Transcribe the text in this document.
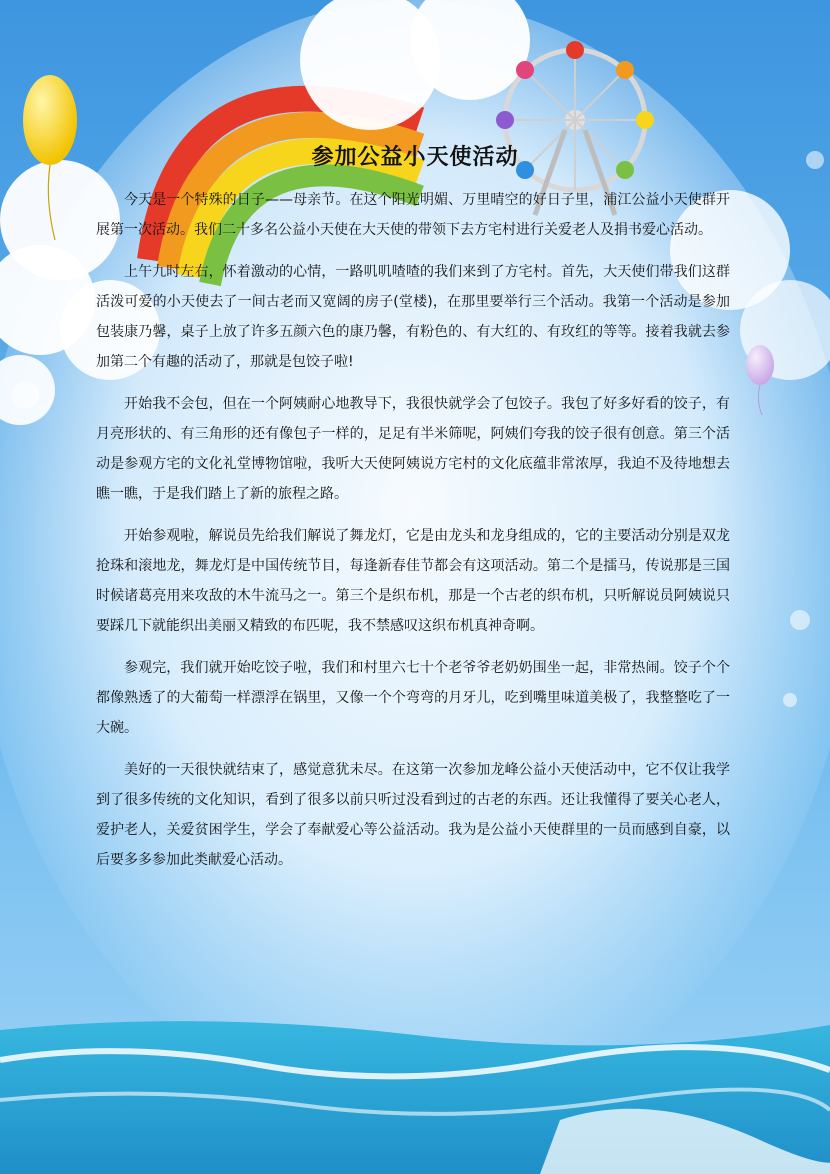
参加公益小天使活动

今天是一个特殊的日子——母亲节。在这个阳光明媚、万里晴空的好日子里，浦江公益小天使群开展第一次活动。我们二十多名公益小天使在大天使的带领下去方宅村进行关爱老人及捐书爱心活动。

上午九时左右，怀着激动的心情，一路叽叽喳喳的我们来到了方宅村。首先，大天使们带我们这群活泼可爱的小天使去了一间古老而又宽阔的房子(堂楼)，在那里要举行三个活动。我第一个活动是参加包装康乃馨，桌子上放了许多五颜六色的康乃馨，有粉色的、有大红的、有玫红的等等。接着我就去参加第二个有趣的活动了，那就是包饺子啦!

开始我不会包，但在一个阿姨耐心地教导下，我很快就学会了包饺子。我包了好多好看的饺子，有月亮形状的、有三角形的还有像包子一样的，足足有半米筛呢，阿姨们夸我的饺子很有创意。第三个活动是参观方宅的文化礼堂博物馆啦，我听大天使阿姨说方宅村的文化底蕴非常浓厚，我迫不及待地想去瞧一瞧，于是我们踏上了新的旅程之路。

开始参观啦，解说员先给我们解说了舞龙灯，它是由龙头和龙身组成的，它的主要活动分别是双龙抢珠和滚地龙，舞龙灯是中国传统节目，每逢新春佳节都会有这项活动。第二个是擂马，传说那是三国时候诸葛亮用来攻敌的木牛流马之一。第三个是织布机，那是一个古老的织布机，只听解说员阿姨说只要踩几下就能织出美丽又精致的布匹呢，我不禁感叹这织布机真神奇啊。

参观完，我们就开始吃饺子啦，我们和村里六七十个老爷爷老奶奶围坐一起，非常热闹。饺子个个都像熟透了的大葡萄一样漂浮在锅里，又像一个个弯弯的月牙儿，吃到嘴里味道美极了，我整整吃了一大碗。

美好的一天很快就结束了，感觉意犹未尽。在这第一次参加龙峰公益小天使活动中，它不仅让我学到了很多传统的文化知识，看到了很多以前只听过没看到过的古老的东西。还让我懂得了要关心老人，爱护老人，关爱贫困学生，学会了奉献爱心等公益活动。我为是公益小天使群里的一员而感到自豪，以后要多多参加此类献爱心活动。
